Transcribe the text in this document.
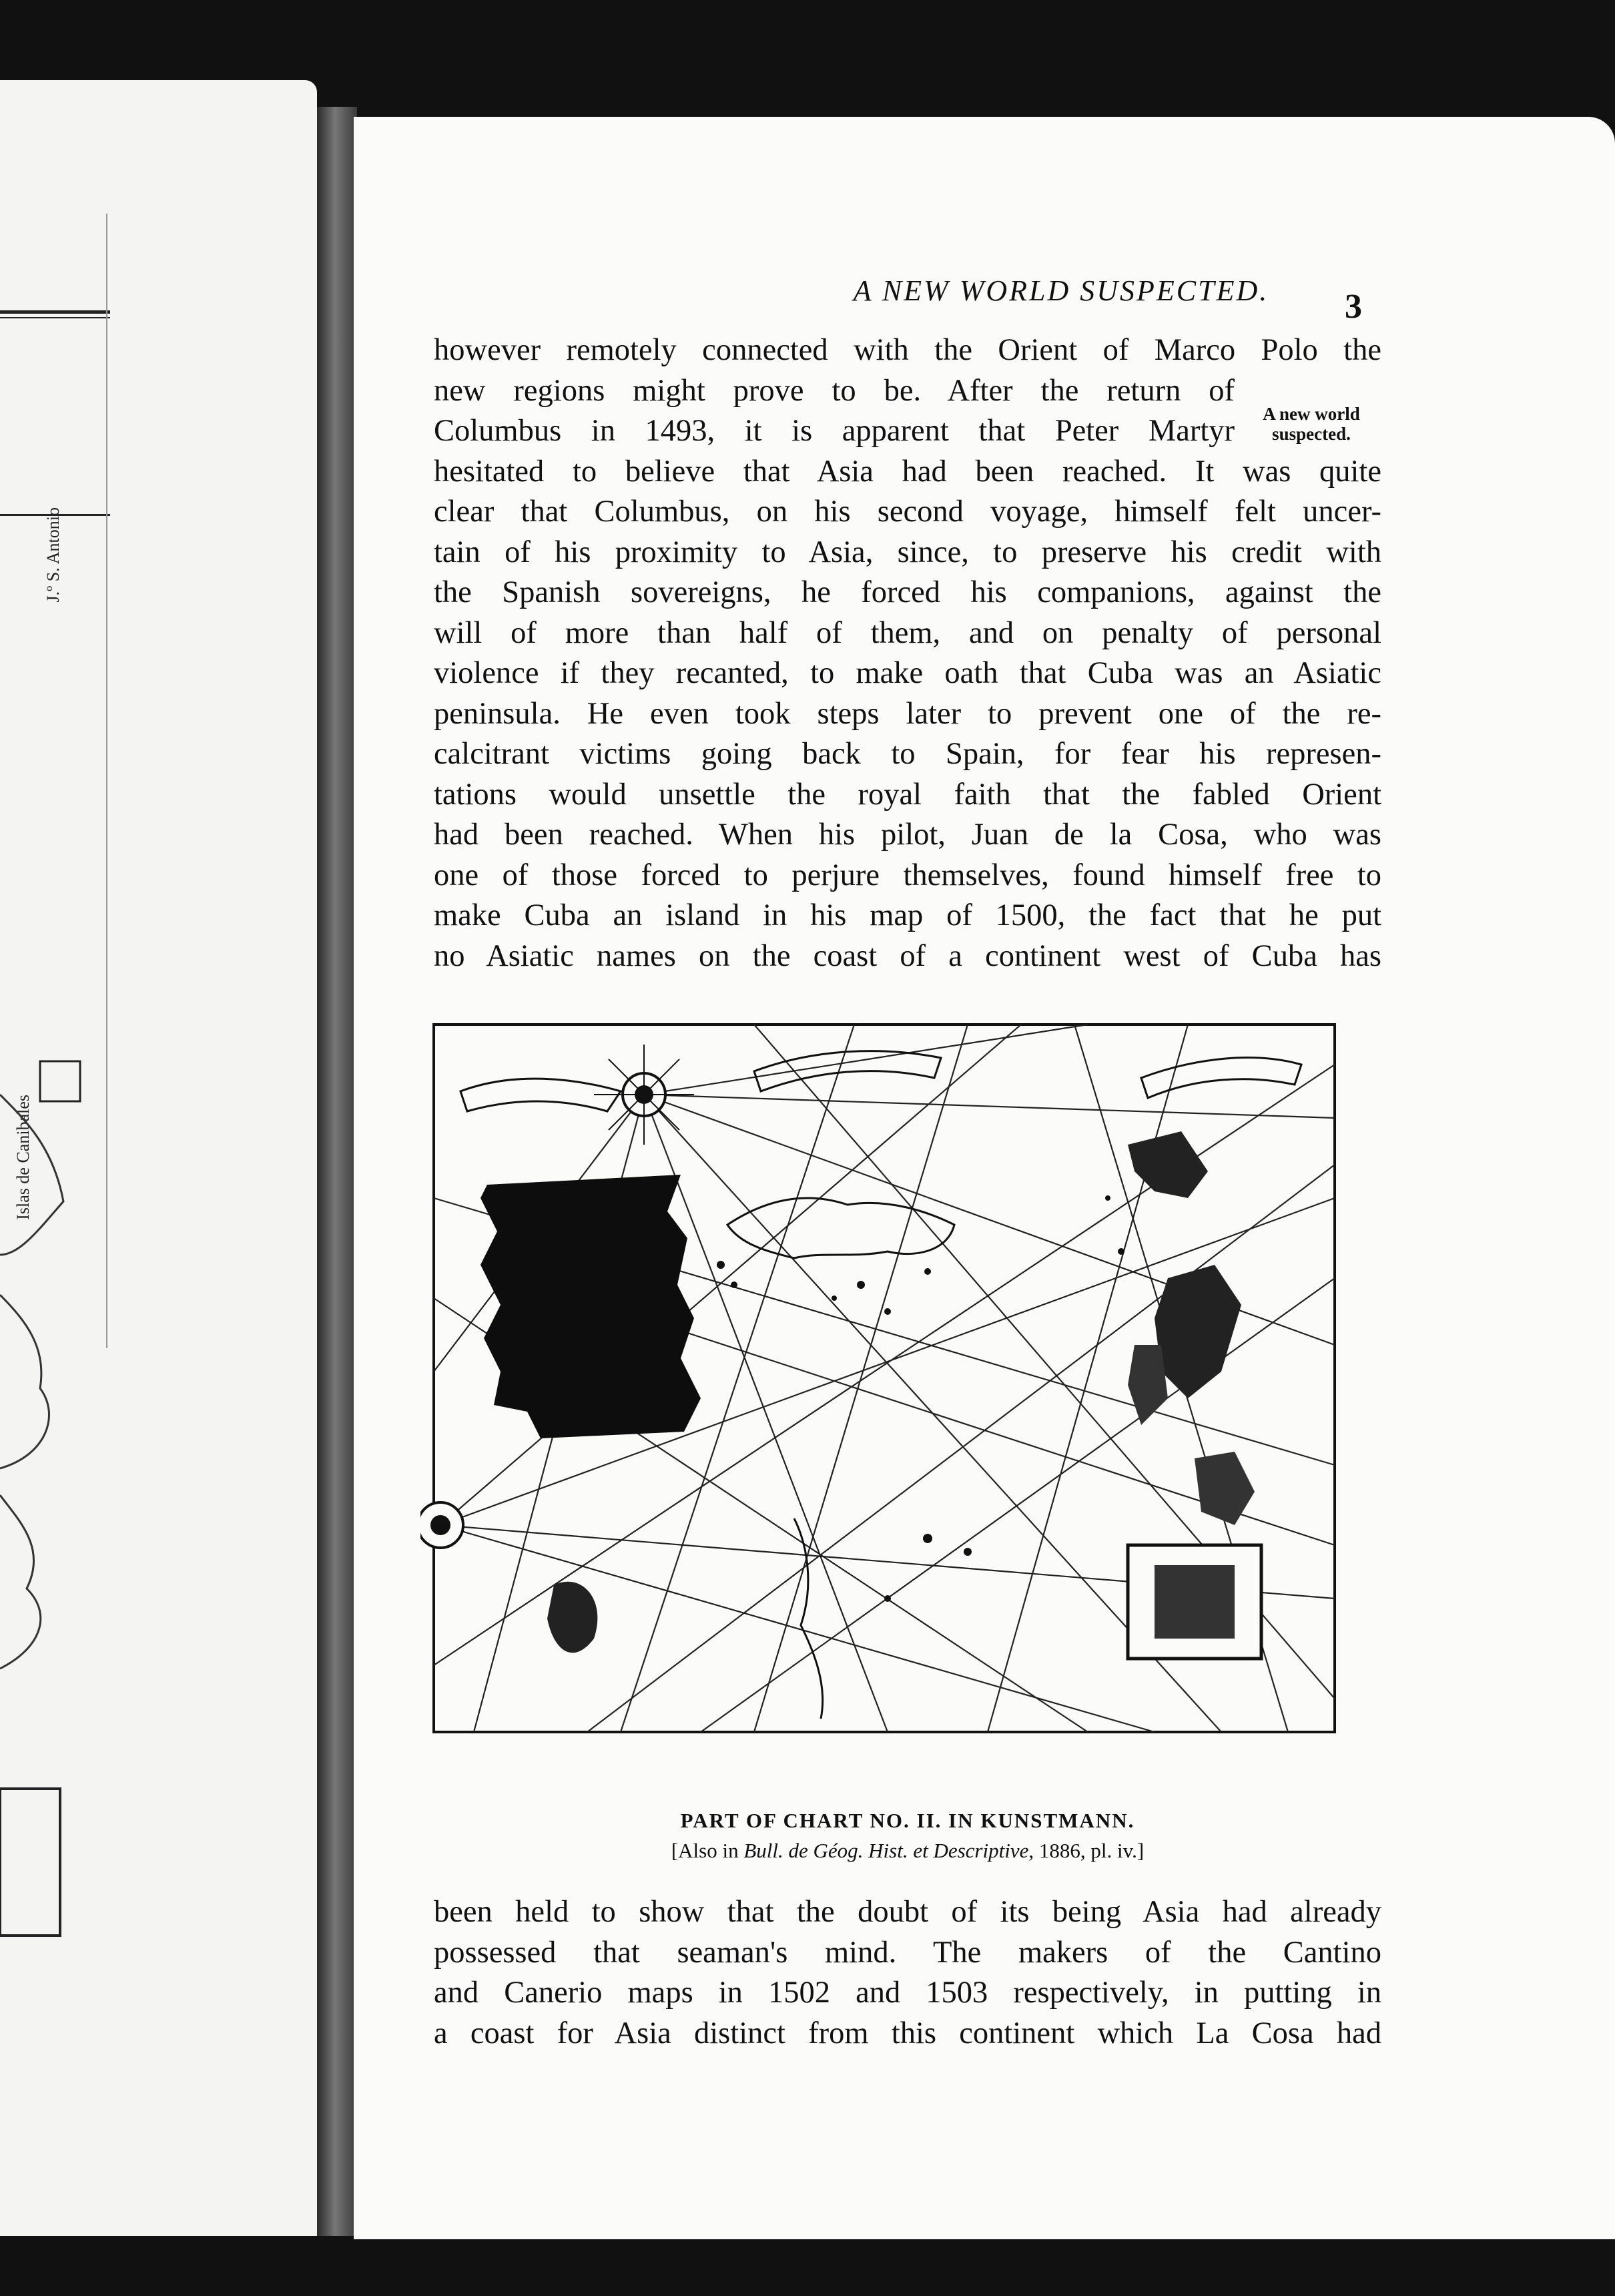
J.º S. Antonio
Islas de Canibales
A NEW WORLD SUSPECTED.	3
however remotely connected with the Orient of Marco Polo the
new regions might prove to be. After the return of
Columbus in 1493, it is apparent that Peter Martyr
hesitated to believe that Asia had been reached. It was quite
clear that Columbus, on his second voyage, himself felt uncer-
tain of his proximity to Asia, since, to preserve his credit with
the Spanish sovereigns, he forced his companions, against the
will of more than half of them, and on penalty of personal
violence if they recanted, to make oath that Cuba was an Asiatic
peninsula. He even took steps later to prevent one of the re-
calcitrant victims going back to Spain, for fear his represen-
tations would unsettle the royal faith that the fabled Orient
had been reached. When his pilot, Juan de la Cosa, who was
one of those forced to perjure themselves, found himself free to
make Cuba an island in his map of 1500, the fact that he put
no Asiatic names on the coast of a continent west of Cuba has
A new world
suspected.
PART OF CHART NO. II. IN KUNSTMANN.
[Also in Bull. de Géog. Hist. et Descriptive, 1886, pl. iv.]
been held to show that the doubt of its being Asia had already
possessed that seaman's mind. The makers of the Cantino
and Canerio maps in 1502 and 1503 respectively, in putting in
a coast for Asia distinct from this continent which La Cosa had
